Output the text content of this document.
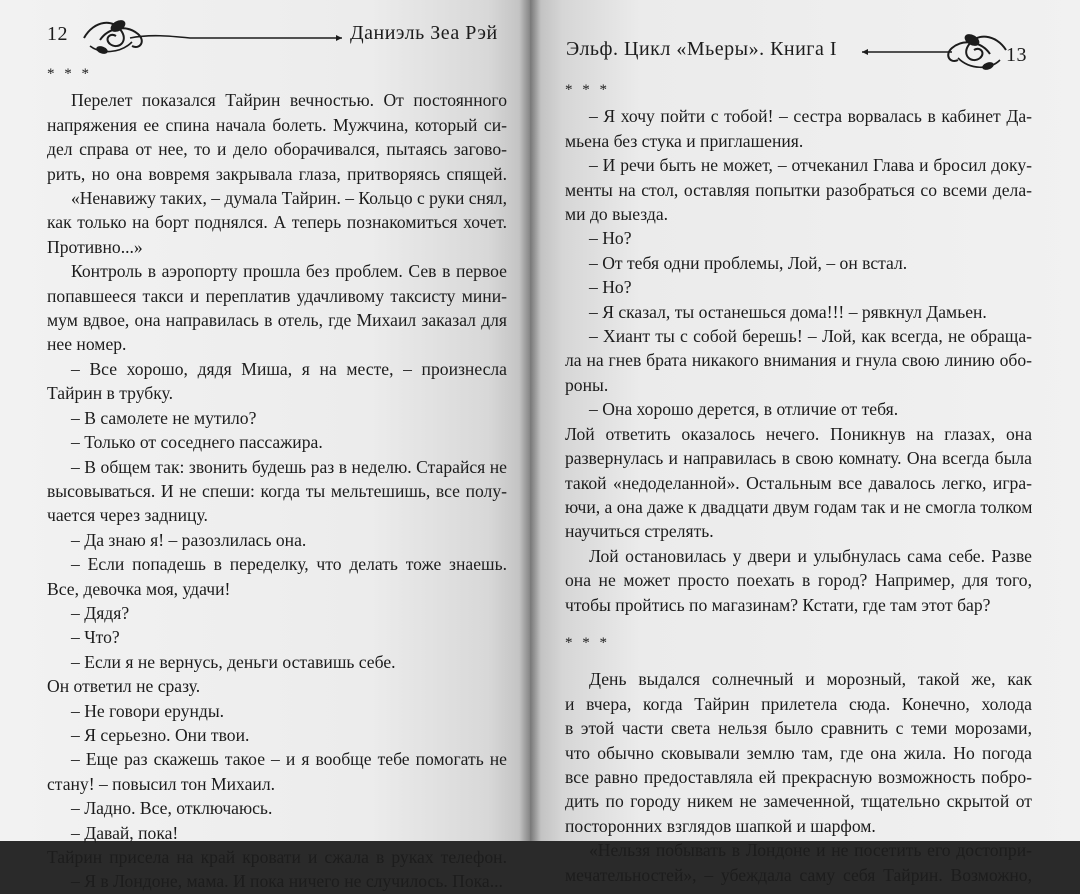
12	Даниэль Зеа Рэй

* * *

Перелет показался Тайрин вечностью. От постоянного

напряжения ее спина начала болеть. Мужчина, который си-

дел справа от нее, то и дело оборачивался, пытаясь загово-

рить, но она вовремя закрывала глаза, притворяясь спящей.

«Ненавижу таких, – думала Тайрин. – Кольцо с руки снял,

как только на борт поднялся. А теперь познакомиться хочет.

Противно...»

Контроль в аэропорту прошла без проблем. Сев в первое

попавшееся такси и переплатив удачливому таксисту мини-

мум вдвое, она направилась в отель, где Михаил заказал для

нее номер.

– Все хорошо, дядя Миша, я на месте, – произнесла

Тайрин в трубку.

– В самолете не мутило?

– Только от соседнего пассажира.

– В общем так: звонить будешь раз в неделю. Старайся не

высовываться. И не спеши: когда ты мельтешишь, все полу-

чается через задницу.

– Да знаю я! – разозлилась она.

– Если попадешь в переделку, что делать тоже знаешь.

Все, девочка моя, удачи!

– Дядя?

– Что?

– Если я не вернусь, деньги оставишь себе.

Он ответил не сразу.

– Не говори ерунды.

– Я серьезно. Они твои.

– Еще раз скажешь такое – и я вообще тебе помогать не

стану! – повысил тон Михаил.

– Ладно. Все, отключаюсь.

– Давай, пока!

Тайрин присела на край кровати и сжала в руках телефон.

– Я в Лондоне, мама. И пока ничего не случилось. Пока...

Эльф. Цикл «Мьеры». Книга I	13

* * *

– Я хочу пойти с тобой! – сестра ворвалась в кабинет Да-

мьена без стука и приглашения.

– И речи быть не может, – отчеканил Глава и бросил доку-

менты на стол, оставляя попытки разобраться со всеми дела-

ми до выезда.

– Но?

– От тебя одни проблемы, Лой, – он встал.

– Но?

– Я сказал, ты останешься дома!!! – рявкнул Дамьен.

– Хиант ты с собой берешь! – Лой, как всегда, не обраща-

ла на гнев брата никакого внимания и гнула свою линию обо-

роны.

– Она хорошо дерется, в отличие от тебя.

Лой ответить оказалось нечего. Поникнув на глазах, она

развернулась и направилась в свою комнату. Она всегда была

такой «недоделанной». Остальным все давалось легко, игра-

ючи, а она даже к двадцати двум годам так и не смогла толком

научиться стрелять.

Лой остановилась у двери и улыбнулась сама себе. Разве

она не может просто поехать в город? Например, для того,

чтобы пройтись по магазинам? Кстати, где там этот бар?

* * *

День выдался солнечный и морозный, такой же, как

и вчера, когда Тайрин прилетела сюда. Конечно, холода

в этой части света нельзя было сравнить с теми морозами,

что обычно сковывали землю там, где она жила. Но погода

все равно предоставляла ей прекрасную возможность побро-

дить по городу никем не замеченной, тщательно скрытой от

посторонних взглядов шапкой и шарфом.

«Нельзя побывать в Лондоне и не посетить его достопри-

мечательностей», – убеждала саму себя Тайрин. Возможно,
